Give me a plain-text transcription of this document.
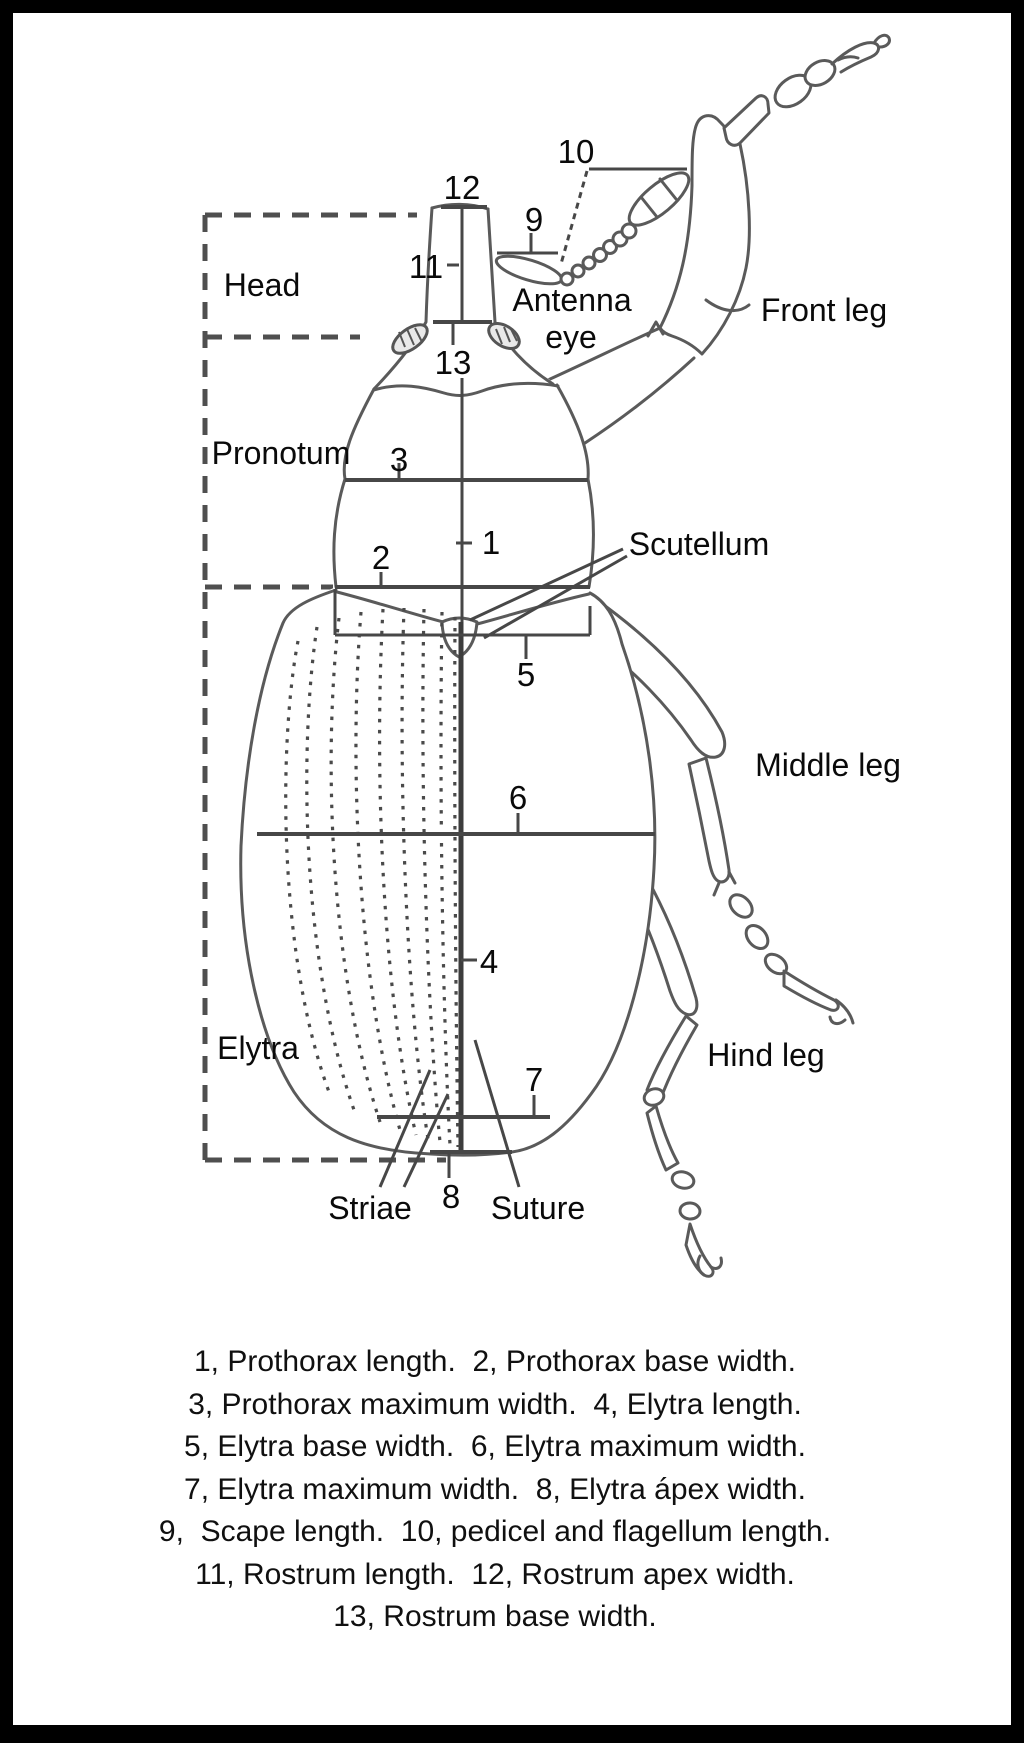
Head
Pronotum
Elytra
Antenna
eye
Front leg
Scutellum
Middle leg
Hind leg
Striae Suture
1
2
3
4
5
6
7
8
9
10
11
12
13

1, Prothorax length.  2, Prothorax base width.

3, Prothorax maximum width.  4, Elytra length.

5, Elytra base width.  6, Elytra maximum width.

7, Elytra maximum width.  8, Elytra ápex width.

9,  Scape length.  10, pedicel and flagellum length.

11, Rostrum length.  12, Rostrum apex width.

13, Rostrum base width.
